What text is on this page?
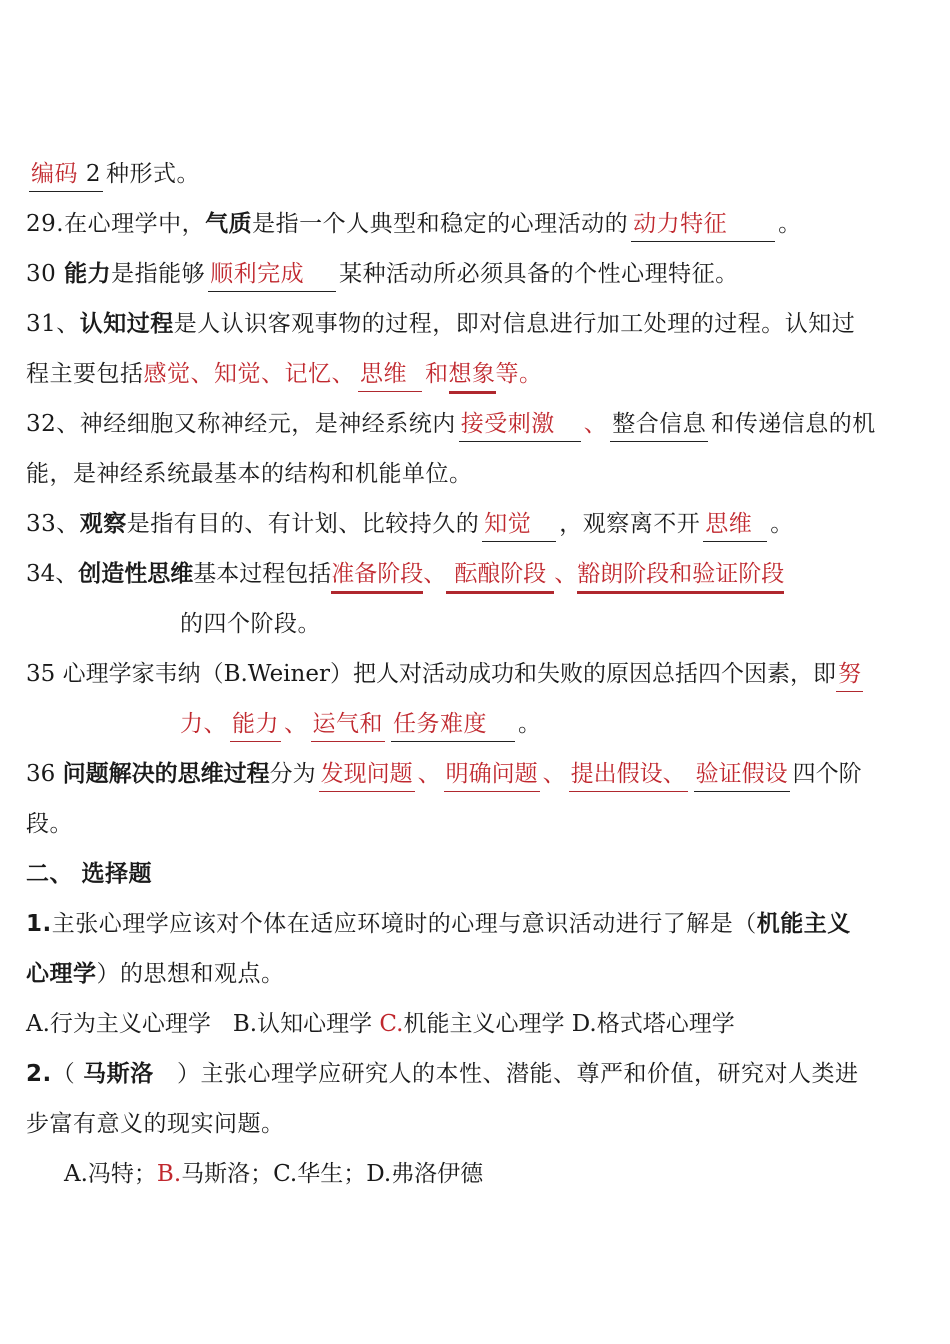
编码 2 种形式。
29.在心理学中，气质是指一个人典型和稳定的心理活动的 动力特征 。
30 能力是指能够 顺利完成 某种活动所必须具备的个性心理特征。
31、认知过程是人认识客观事物的过程，即对信息进行加工处理的过程。认知过
程主要包括感觉、知觉、记忆、 思维 和想象等。
32、神经细胞又称神经元，是神经系统内 接受刺激 、 整合信息 和传递信息的机
能，是神经系统最基本的结构和机能单位。
33、观察是指有目的、有计划、比较持久的 知觉 ，观察离不开 思维 。
34、创造性思维基本过程包括准备阶段、 酝酿阶段 、豁朗阶段和验证阶段
的四个阶段。
35 心理学家韦纳（B.Weiner）把人对活动成功和失败的原因总括四个因素，即努
力、 能力 、 运气和 任务难度 。
36 问题解决的思维过程分为 发现问题 、 明确问题 、 提出假设、 验证假设 四个阶
段。
二、 选择题
1.主张心理学应该对个体在适应环境时的心理与意识活动进行了解是（机能主义
心理学）的思想和观点。
A.行为主义心理学 B.认知心理学 C.机能主义心理学 D.格式塔心理学
2.（ 马斯洛 ）主张心理学应研究人的本性、潜能、尊严和价值，研究对人类进
步富有意义的现实问题。
A.冯特；B.马斯洛；C.华生；D.弗洛伊德
